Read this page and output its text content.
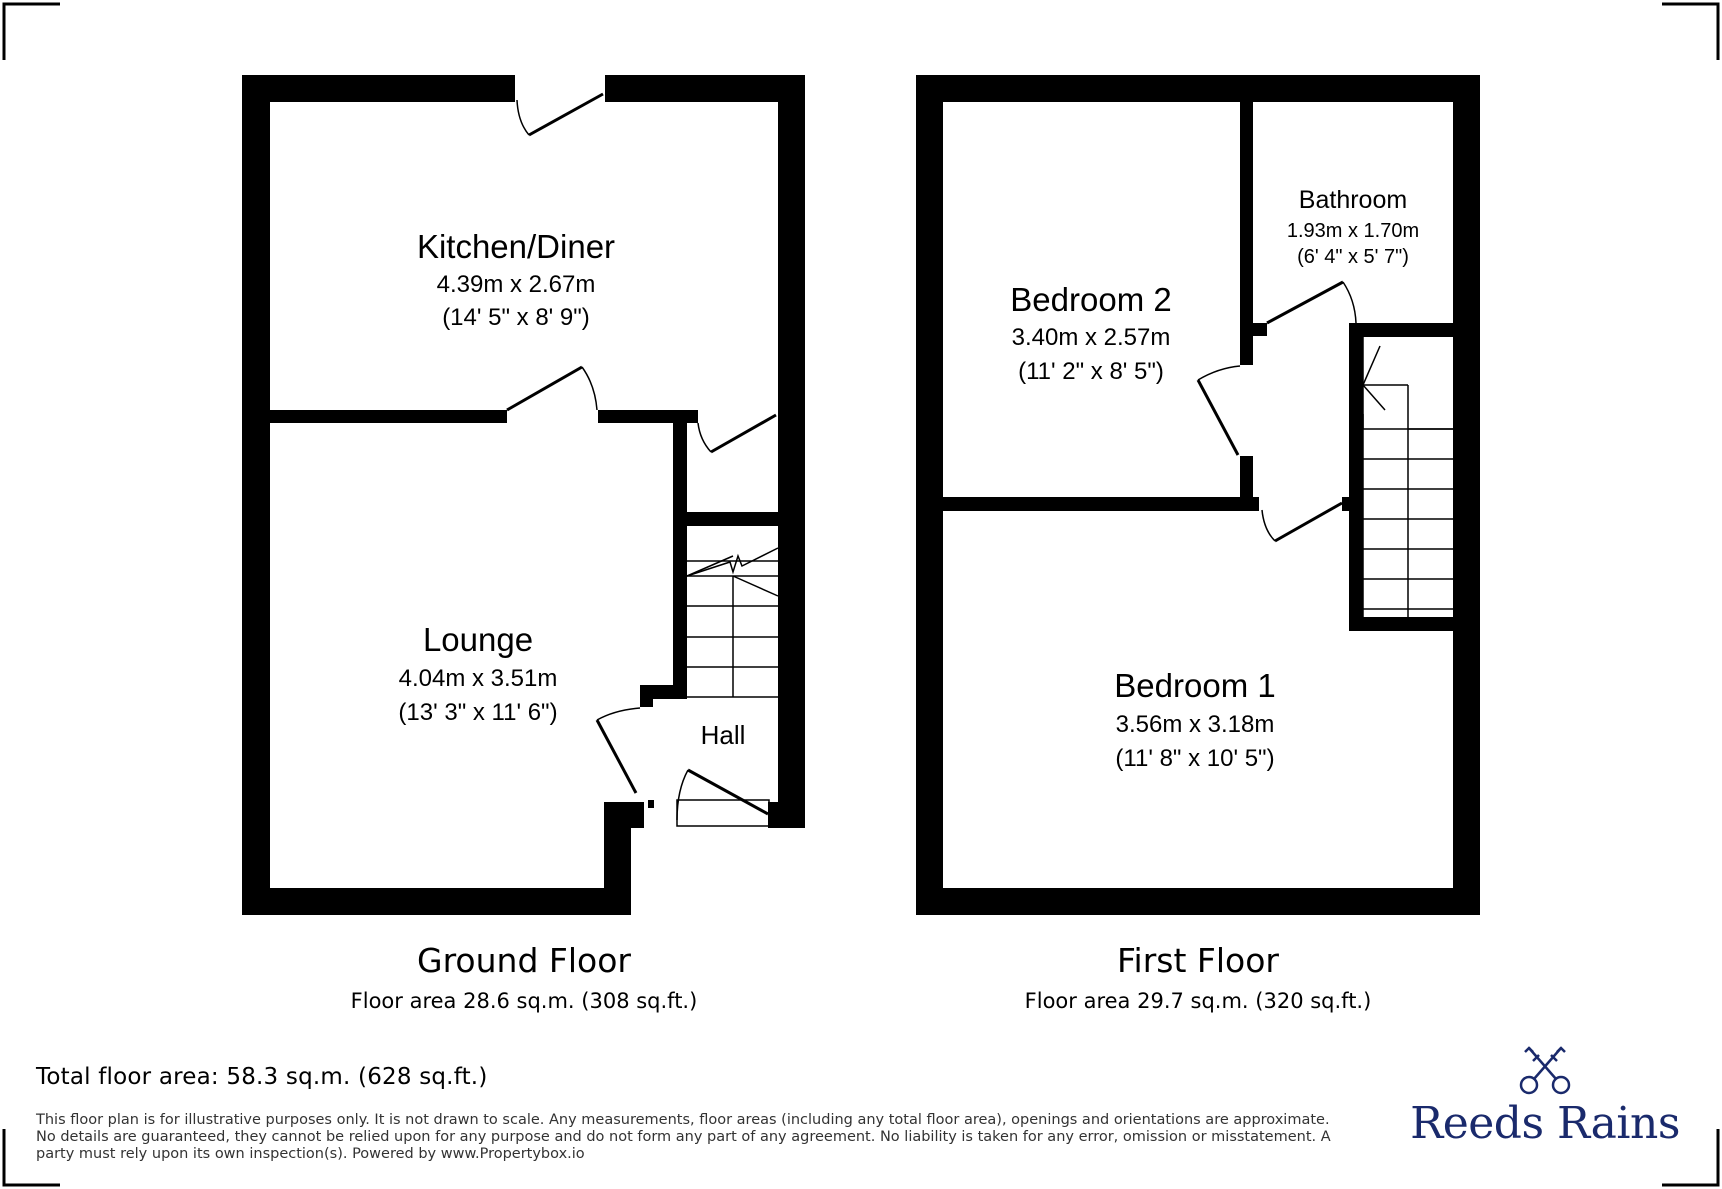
Kitchen/Diner
4.39m x 2.67m
(14' 5" x 8' 9")
Lounge
4.04m x 3.51m
(13' 3" x 11' 6")
Hall
Ground Floor
Floor area 28.6 sq.m. (308 sq.ft.)
Bedroom 2
3.40m x 2.57m
(11' 2" x 8' 5")
Bathroom
1.93m x 1.70m
(6' 4" x 5' 7")
Bedroom 1
3.56m x 3.18m
(11' 8" x 10' 5")
First Floor
Floor area 29.7 sq.m. (320 sq.ft.)
Total floor area: 58.3 sq.m. (628 sq.ft.)
This floor plan is for illustrative purposes only. It is not drawn to scale. Any measurements, floor areas (including any total floor area), openings and orientations are approximate. No details are guaranteed, they cannot be relied upon for any purpose and do not form any part of any agreement. No liability is taken for any error, omission or misstatement. A party must rely upon its own inspection(s). Powered by www.Propertybox.io
Reeds Rains
